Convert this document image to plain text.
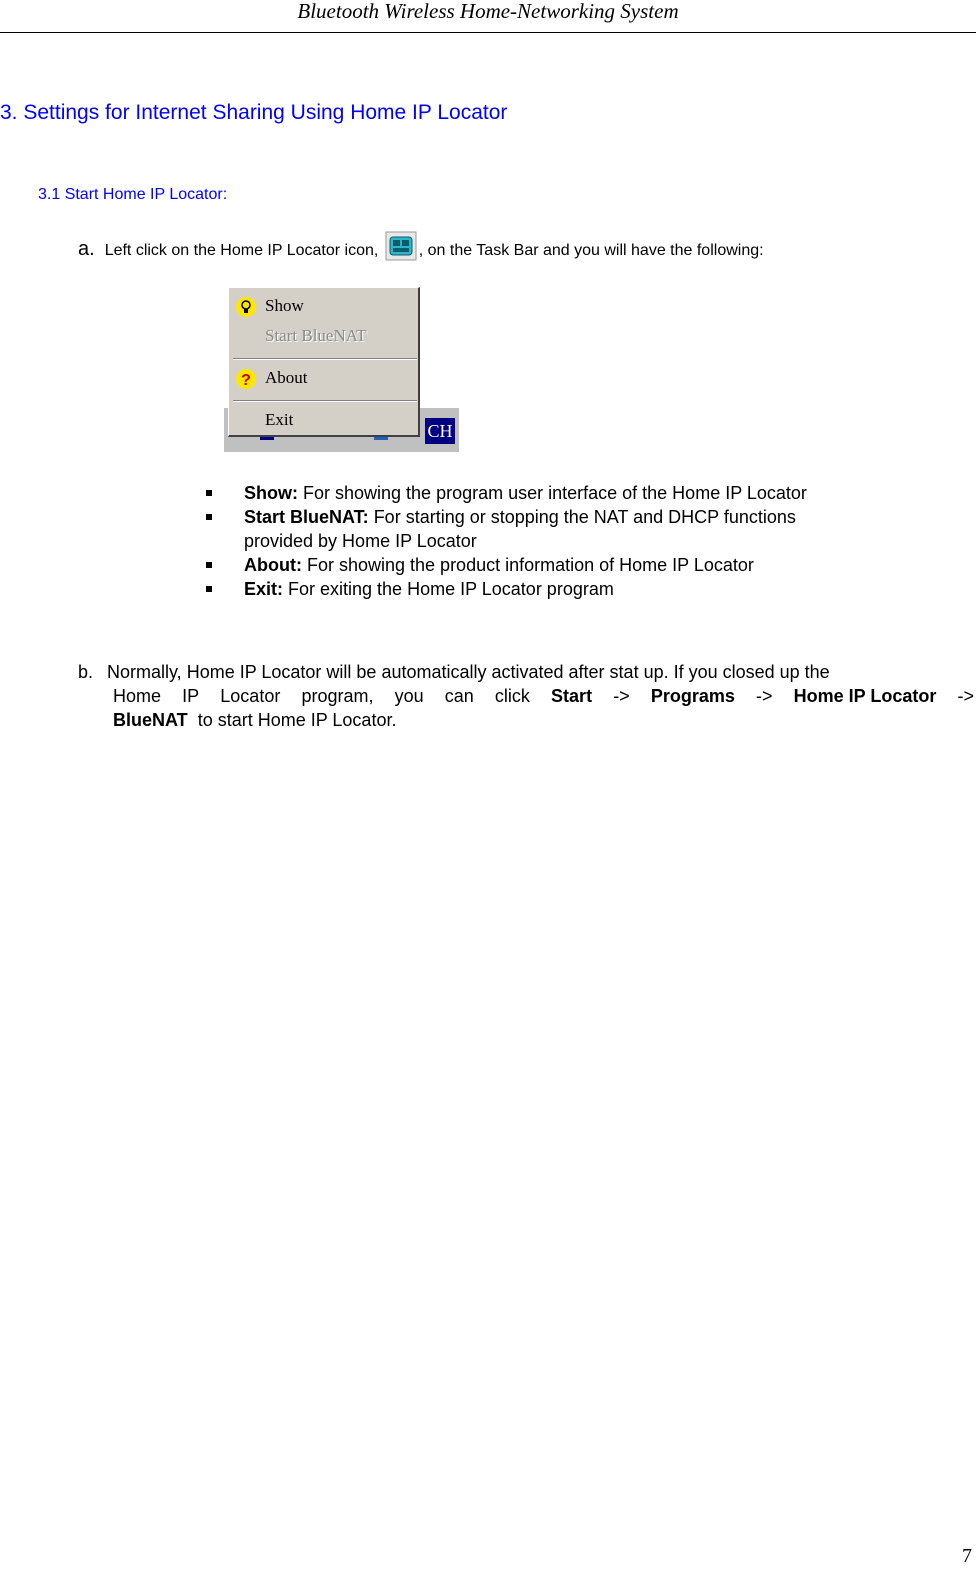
Bluetooth Wireless Home-Networking System
3. Settings for Internet Sharing Using Home IP Locator
3.1 Start Home IP Locator:
a. Left click on the Home IP Locator icon,	, on the Task Bar and you will have the following:
CH
Show
Start BlueNAT
? About
Exit
Show: For showing the program user interface of the Home IP Locator
Start BlueNAT: For starting or stopping the NAT and DHCP functions
provided by Home IP Locator
About: For showing the product information of Home IP Locator
Exit: For exiting the Home IP Locator program
b. Normally, Home IP Locator will be automatically activated after stat up. If you closed up the
Home IP Locator program, you can click Start -> Programs -> Home IP Locator ->
BlueNAT to start Home IP Locator.
7
